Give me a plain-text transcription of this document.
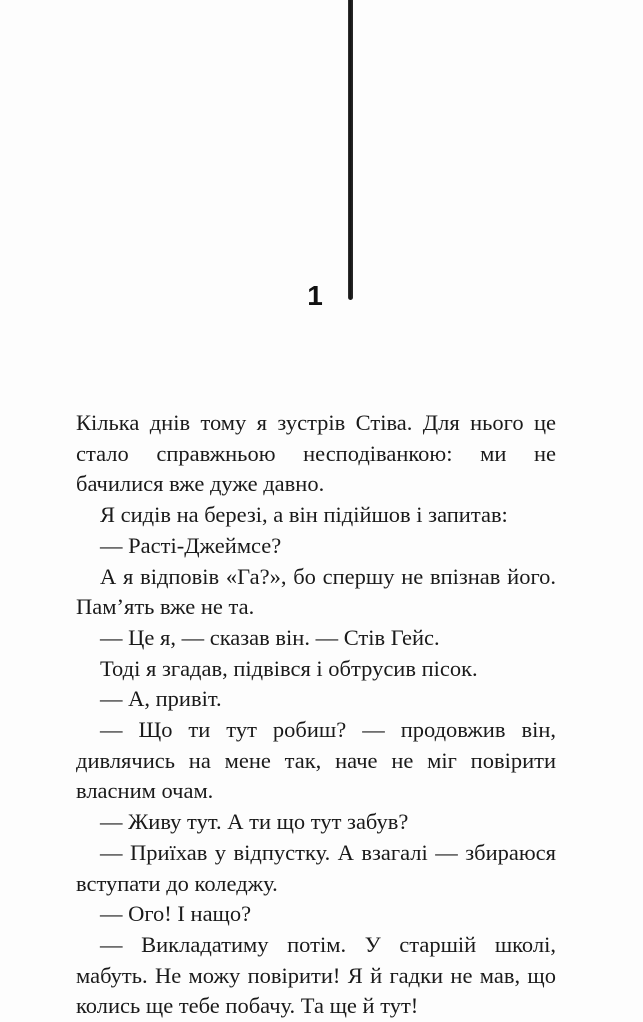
1

Кілька днів тому я зустрів Стіва. Для нього це стало справжньою несподіванкою: ми не бачилися вже дуже давно.

Я сидів на березі, а він підійшов і запитав:

— Расті-Джеймсе?

А я відповів «Га?», бо спершу не впізнав його. Пам’ять вже не та.

— Це я, — сказав він. — Стів Гейс.

Тоді я згадав, підвівся і обтрусив пісок.

— А, привіт.

— Що ти тут робиш? — продовжив він, дивлячись на мене так, наче не міг повірити власним очам.

— Живу тут. А ти що тут забув?

— Приїхав у відпустку. А взагалі — збираюся вступати до коледжу.

— Ого! І нащо?

— Викладатиму потім. У старшій школі, мабуть. Не можу повірити! Я й гадки не мав, що колись ще тебе побачу. Та ще й тут!
